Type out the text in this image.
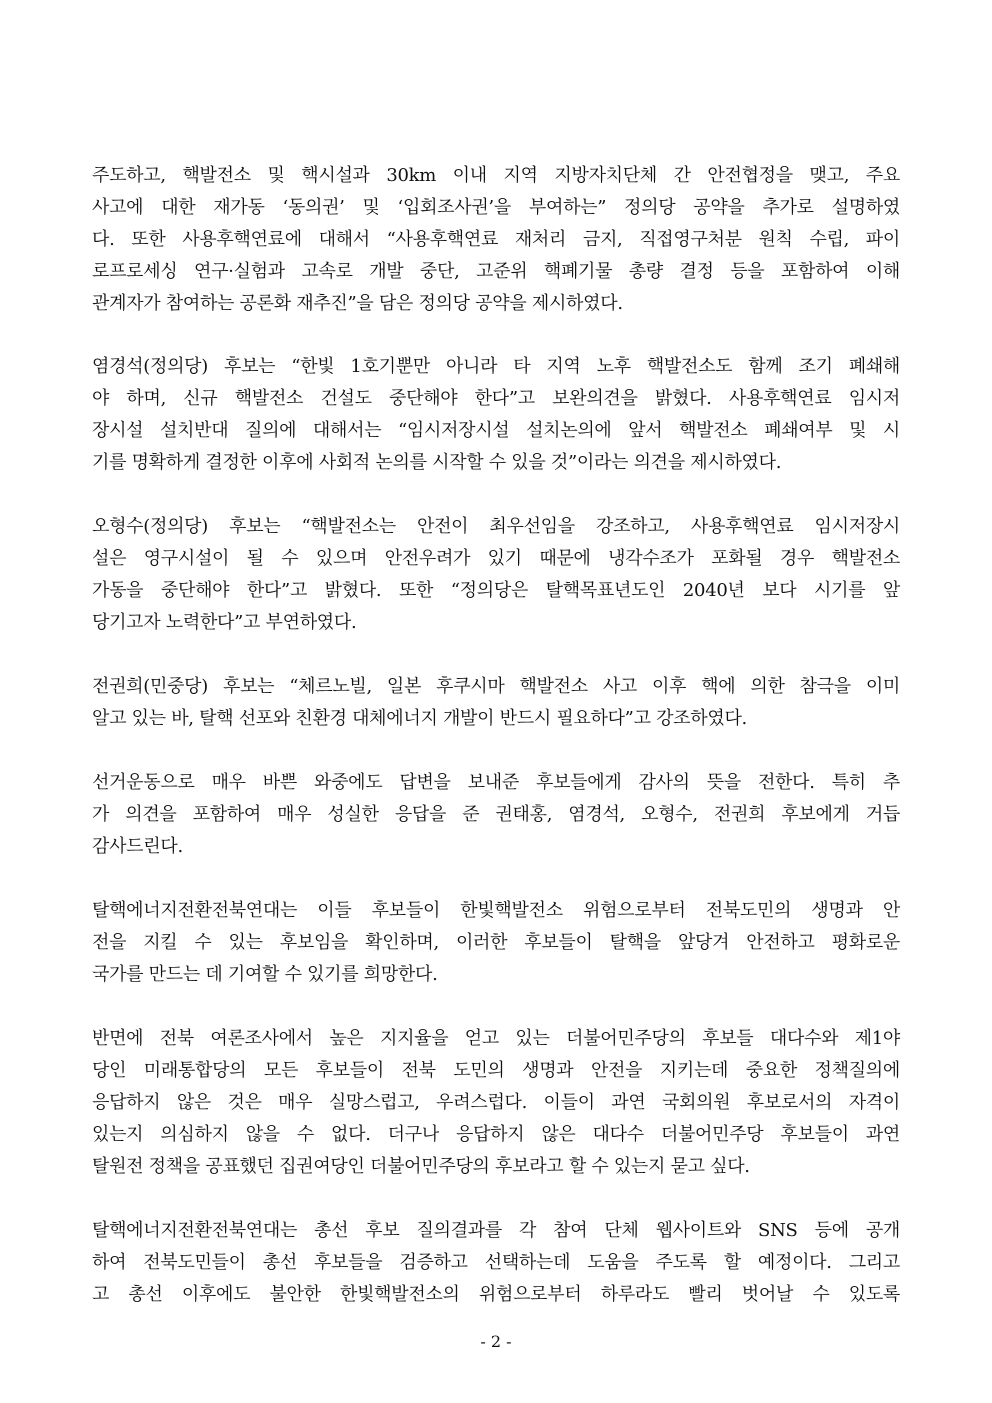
주도하고, 핵발전소 및 핵시설과 30km 이내 지역 지방자치단체 간 안전협정을 맺고, 주요
사고에 대한 재가동 ‘동의권’ 및 ‘입회조사권’을 부여하는” 정의당 공약을 추가로 설명하였
다. 또한 사용후핵연료에 대해서 “사용후핵연료 재처리 금지, 직접영구처분 원칙 수립, 파이
로프로세싱 연구·실험과 고속로 개발 중단, 고준위 핵폐기물 총량 결정 등을 포함하여 이해
관계자가 참여하는 공론화 재추진”을 담은 정의당 공약을 제시하였다.
염경석(정의당) 후보는 “한빛 1호기뿐만 아니라 타 지역 노후 핵발전소도 함께 조기 폐쇄해
야 하며, 신규 핵발전소 건설도 중단해야 한다”고 보완의견을 밝혔다. 사용후핵연료 임시저
장시설 설치반대 질의에 대해서는 “임시저장시설 설치논의에 앞서 핵발전소 폐쇄여부 및 시
기를 명확하게 결정한 이후에 사회적 논의를 시작할 수 있을 것”이라는 의견을 제시하였다.
오형수(정의당) 후보는 “핵발전소는 안전이 최우선임을 강조하고, 사용후핵연료 임시저장시
설은 영구시설이 될 수 있으며 안전우려가 있기 때문에 냉각수조가 포화될 경우 핵발전소
가동을 중단해야 한다”고 밝혔다. 또한 “정의당은 탈핵목표년도인 2040년 보다 시기를 앞
당기고자 노력한다”고 부연하였다.
전권희(민중당) 후보는 “체르노빌, 일본 후쿠시마 핵발전소 사고 이후 핵에 의한 참극을 이미
알고 있는 바, 탈핵 선포와 친환경 대체에너지 개발이 반드시 필요하다”고 강조하였다.
선거운동으로 매우 바쁜 와중에도 답변을 보내준 후보들에게 감사의 뜻을 전한다. 특히 추
가 의견을 포함하여 매우 성실한 응답을 준 권태홍, 염경석, 오형수, 전권희 후보에게 거듭
감사드린다.
탈핵에너지전환전북연대는 이들 후보들이 한빛핵발전소 위험으로부터 전북도민의 생명과 안
전을 지킬 수 있는 후보임을 확인하며, 이러한 후보들이 탈핵을 앞당겨 안전하고 평화로운
국가를 만드는 데 기여할 수 있기를 희망한다.
반면에 전북 여론조사에서 높은 지지율을 얻고 있는 더불어민주당의 후보들 대다수와 제1야
당인 미래통합당의 모든 후보들이 전북 도민의 생명과 안전을 지키는데 중요한 정책질의에
응답하지 않은 것은 매우 실망스럽고, 우려스럽다. 이들이 과연 국회의원 후보로서의 자격이
있는지 의심하지 않을 수 없다. 더구나 응답하지 않은 대다수 더불어민주당 후보들이 과연
탈원전 정책을 공표했던 집권여당인 더불어민주당의 후보라고 할 수 있는지 묻고 싶다.
탈핵에너지전환전북연대는 총선 후보 질의결과를 각 참여 단체 웹사이트와 SNS 등에 공개
하여 전북도민들이 총선 후보들을 검증하고 선택하는데 도움을 주도록 할 예정이다. 그리고
고 총선 이후에도 불안한 한빛핵발전소의 위험으로부터 하루라도 빨리 벗어날 수 있도록
- 2 -
